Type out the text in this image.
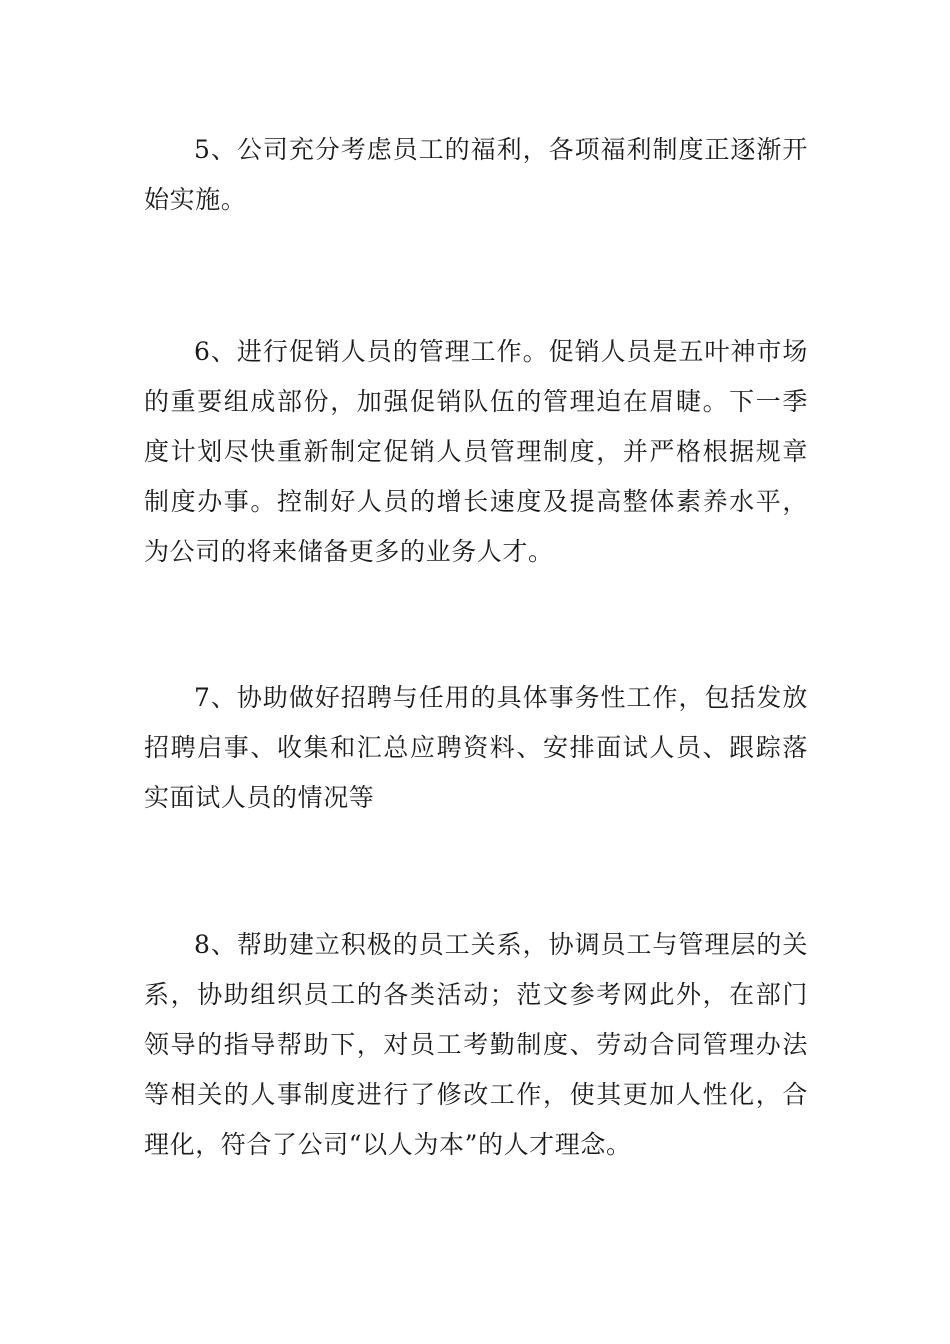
5、公司充分考虑员工的福利，各项福利制度正逐渐开始实施。

6、进行促销人员的管理工作。促销人员是五叶神市场的重要组成部份，加强促销队伍的管理迫在眉睫。下一季度计划尽快重新制定促销人员管理制度，并严格根据规章制度办事。控制好人员的增长速度及提高整体素养水平，为公司的将来储备更多的业务人才。

7、协助做好招聘与任用的具体事务性工作，包括发放招聘启事、收集和汇总应聘资料、安排面试人员、跟踪落实面试人员的情况等

8、帮助建立积极的员工关系，协调员工与管理层的关系，协助组织员工的各类活动；范文参考网此外，在部门领导的指导帮助下，对员工考勤制度、劳动合同管理办法等相关的人事制度进行了修改工作，使其更加人性化，合理化，符合了公司“以人为本”的人才理念。
